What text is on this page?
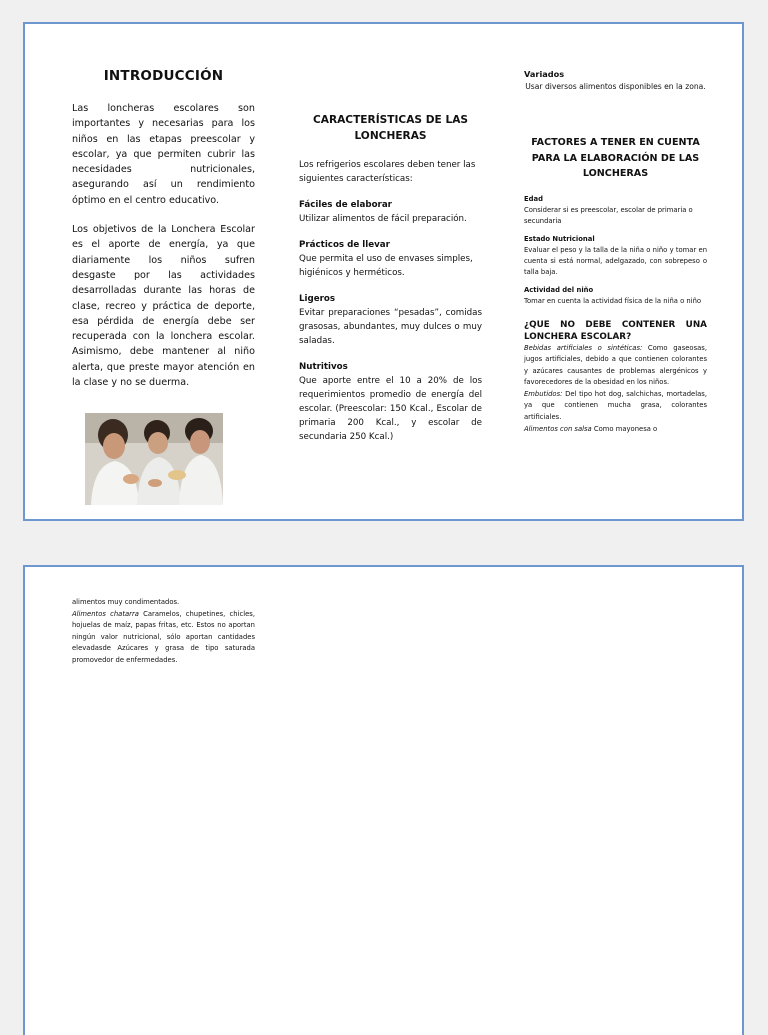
INTRODUCCIÓN

Las loncheras escolares son importantes y necesarias para los niños en las etapas preescolar y escolar, ya que permiten cubrir las necesidades nutricionales, asegurando así un rendimiento óptimo en el centro educativo.

Los objetivos de la Lonchera Escolar es el aporte de energía, ya que diariamente los niños sufren desgaste por las actividades desarrolladas durante las horas de clase, recreo y práctica de deporte, esa pérdida de energía debe ser recuperada con la lonchera escolar. Asimismo, debe mantener al niño alerta, que preste mayor atención en la clase y no se duerma.

CARACTERÍSTICAS DE LAS LONCHERAS

Los refrigerios escolares deben tener las siguientes características:

Fáciles de elaborar

Utilizar alimentos de fácil preparación.

Prácticos de llevar

Que permita el uso de envases simples, higiénicos y herméticos.

Ligeros

Evitar preparaciones “pesadas”, comidas grasosas, abundantes, muy dulces o muy saladas.

Nutritivos

Que aporte entre el 10 a 20% de los requerimientos promedio de energía del escolar. (Preescolar: 150 Kcal., Escolar de primaria 200 Kcal., y escolar de secundaria 250 Kcal.)

Variados
Usar diversos alimentos disponibles en la zona.
FACTORES A TENER EN CUENTA PARA LA ELABORACIÓN DE LAS LONCHERAS
Edad

Considerar si es preescolar, escolar de primaria o secundaria

Estado Nutricional

Evaluar el peso y la talla de la niña o niño y tomar en cuenta si está normal, adelgazado, con sobrepeso o talla baja.

Actividad del niño

Tomar en cuenta la actividad física de la niña o niño

¿QUE NO DEBE CONTENER UNA LONCHERA ESCOLAR?

Bebidas artificiales o sintéticas: Como gaseosas, jugos artificiales, debido a que contienen colorantes y azúcares causantes de problemas alergénicos y favorecedores de la obesidad en los niños.

Embutidos: Del tipo hot dog, salchichas, mortadelas, ya que contienen mucha grasa, colorantes artificiales.

Alimentos con salsa Como mayonesa o

alimentos muy condimentados.

Alimentos chatarra Caramelos, chupetines, chicles, hojuelas de maíz, papas fritas, etc. Estos no aportan ningún valor nutricional, sólo aportan cantidades elevadasde Azúcares y grasa de tipo saturada promovedor de enfermedades.
